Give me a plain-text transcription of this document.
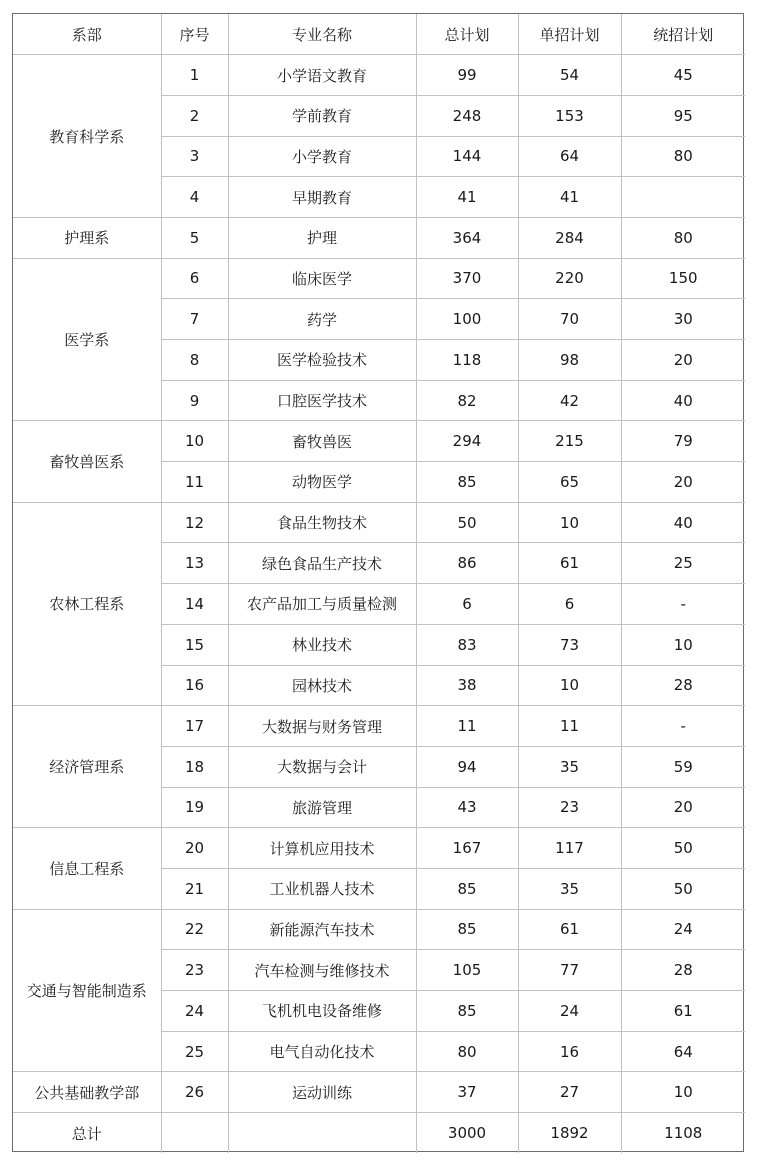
系部	序号	专业名称	总计划	单招计划	统招计划
教育科学系	1	小学语文教育	99	54	45
	2	学前教育	248	153	95
	3	小学教育	144	64	80
	4	早期教育	41	41	
护理系	5	护理	364	284	80
医学系	6	临床医学	370	220	150
	7	药学	100	70	30
	8	医学检验技术	118	98	20
	9	口腔医学技术	82	42	40
畜牧兽医系	10	畜牧兽医	294	215	79
	11	动物医学	85	65	20
农林工程系	12	食品生物技术	50	10	40
	13	绿色食品生产技术	86	61	25
	14	农产品加工与质量检测	6	6	-
	15	林业技术	83	73	10
	16	园林技术	38	10	28
经济管理系	17	大数据与财务管理	11	11	-
	18	大数据与会计	94	35	59
	19	旅游管理	43	23	20
信息工程系	20	计算机应用技术	167	117	50
	21	工业机器人技术	85	35	50
交通与智能制造系	22	新能源汽车技术	85	61	24
	23	汽车检测与维修技术	105	77	28
	24	飞机机电设备维修	85	24	61
	25	电气自动化技术	80	16	64
公共基础教学部	26	运动训练	37	27	10
总计			3000	1892	1108
